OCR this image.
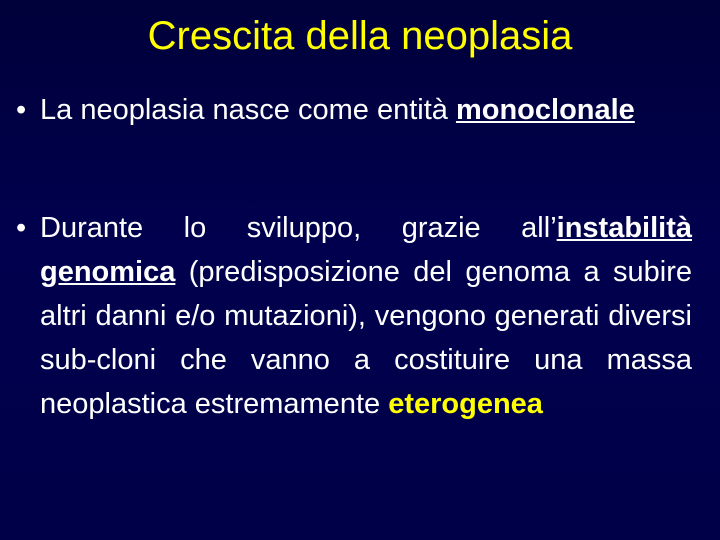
Crescita della neoplasia
• La neoplasia nasce come entità monoclonale
• Durante lo sviluppo, grazie all’instabilità genomica (predisposizione del genoma a subire altri danni e/o mutazioni), vengono generati diversi sub-cloni che vanno a costituire una massa neoplastica estremamente eterogenea
